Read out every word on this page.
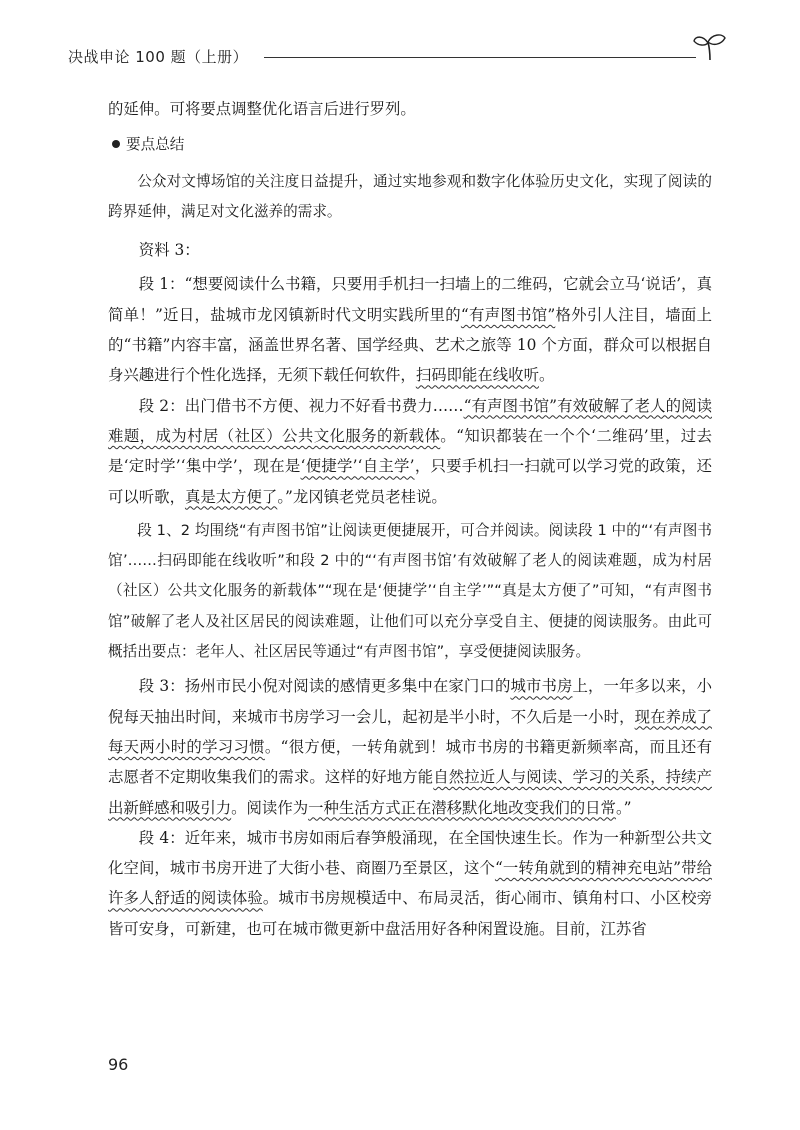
决战申论 100 题（上册）

的延伸。可将要点调整优化语言后进行罗列。

要点总结

公众对文博场馆的关注度日益提升，通过实地参观和数字化体验历史文化，实现了阅读的跨界延伸，满足对文化滋养的需求。

资料 3：

段 1：“想要阅读什么书籍，只要用手机扫一扫墙上的二维码，它就会立马‘说话’，真简单！”近日，盐城市龙冈镇新时代文明实践所里的“有声图书馆”格外引人注目，墙面上的“书籍”内容丰富，涵盖世界名著、国学经典、艺术之旅等 10 个方面，群众可以根据自身兴趣进行个性化选择，无须下载任何软件，扫码即能在线收听。

段 2：出门借书不方便、视力不好看书费力……“有声图书馆”有效破解了老人的阅读难题，成为村居（社区）公共文化服务的新载体。“知识都装在一个个‘二维码’里，过去是‘定时学’‘集中学’，现在是‘便捷学’‘自主学’，只要手机扫一扫就可以学习党的政策，还可以听歌，真是太方便了。”龙冈镇老党员老桂说。

段 1、2 均围绕“有声图书馆”让阅读更便捷展开，可合并阅读。阅读段 1 中的“‘有声图书馆’……扫码即能在线收听”和段 2 中的“‘有声图书馆’有效破解了老人的阅读难题，成为村居（社区）公共文化服务的新载体”“现在是‘便捷学’‘自主学’”“真是太方便了”可知，“有声图书馆”破解了老人及社区居民的阅读难题，让他们可以充分享受自主、便捷的阅读服务。由此可概括出要点：老年人、社区居民等通过“有声图书馆”，享受便捷阅读服务。

段 3：扬州市民小倪对阅读的感情更多集中在家门口的城市书房上，一年多以来，小倪每天抽出时间，来城市书房学习一会儿，起初是半小时，不久后是一小时，现在养成了每天两小时的学习习惯。“很方便，一转角就到！城市书房的书籍更新频率高，而且还有志愿者不定期收集我们的需求。这样的好地方能自然拉近人与阅读、学习的关系，持续产出新鲜感和吸引力。阅读作为一种生活方式正在潜移默化地改变我们的日常。”

段 4：近年来，城市书房如雨后春笋般涌现，在全国快速生长。作为一种新型公共文化空间，城市书房开进了大街小巷、商圈乃至景区，这个“一转角就到的精神充电站”带给许多人舒适的阅读体验。城市书房规模适中、布局灵活，街心闹市、镇角村口、小区校旁皆可安身，可新建，也可在城市微更新中盘活用好各种闲置设施。目前，江苏省

96
